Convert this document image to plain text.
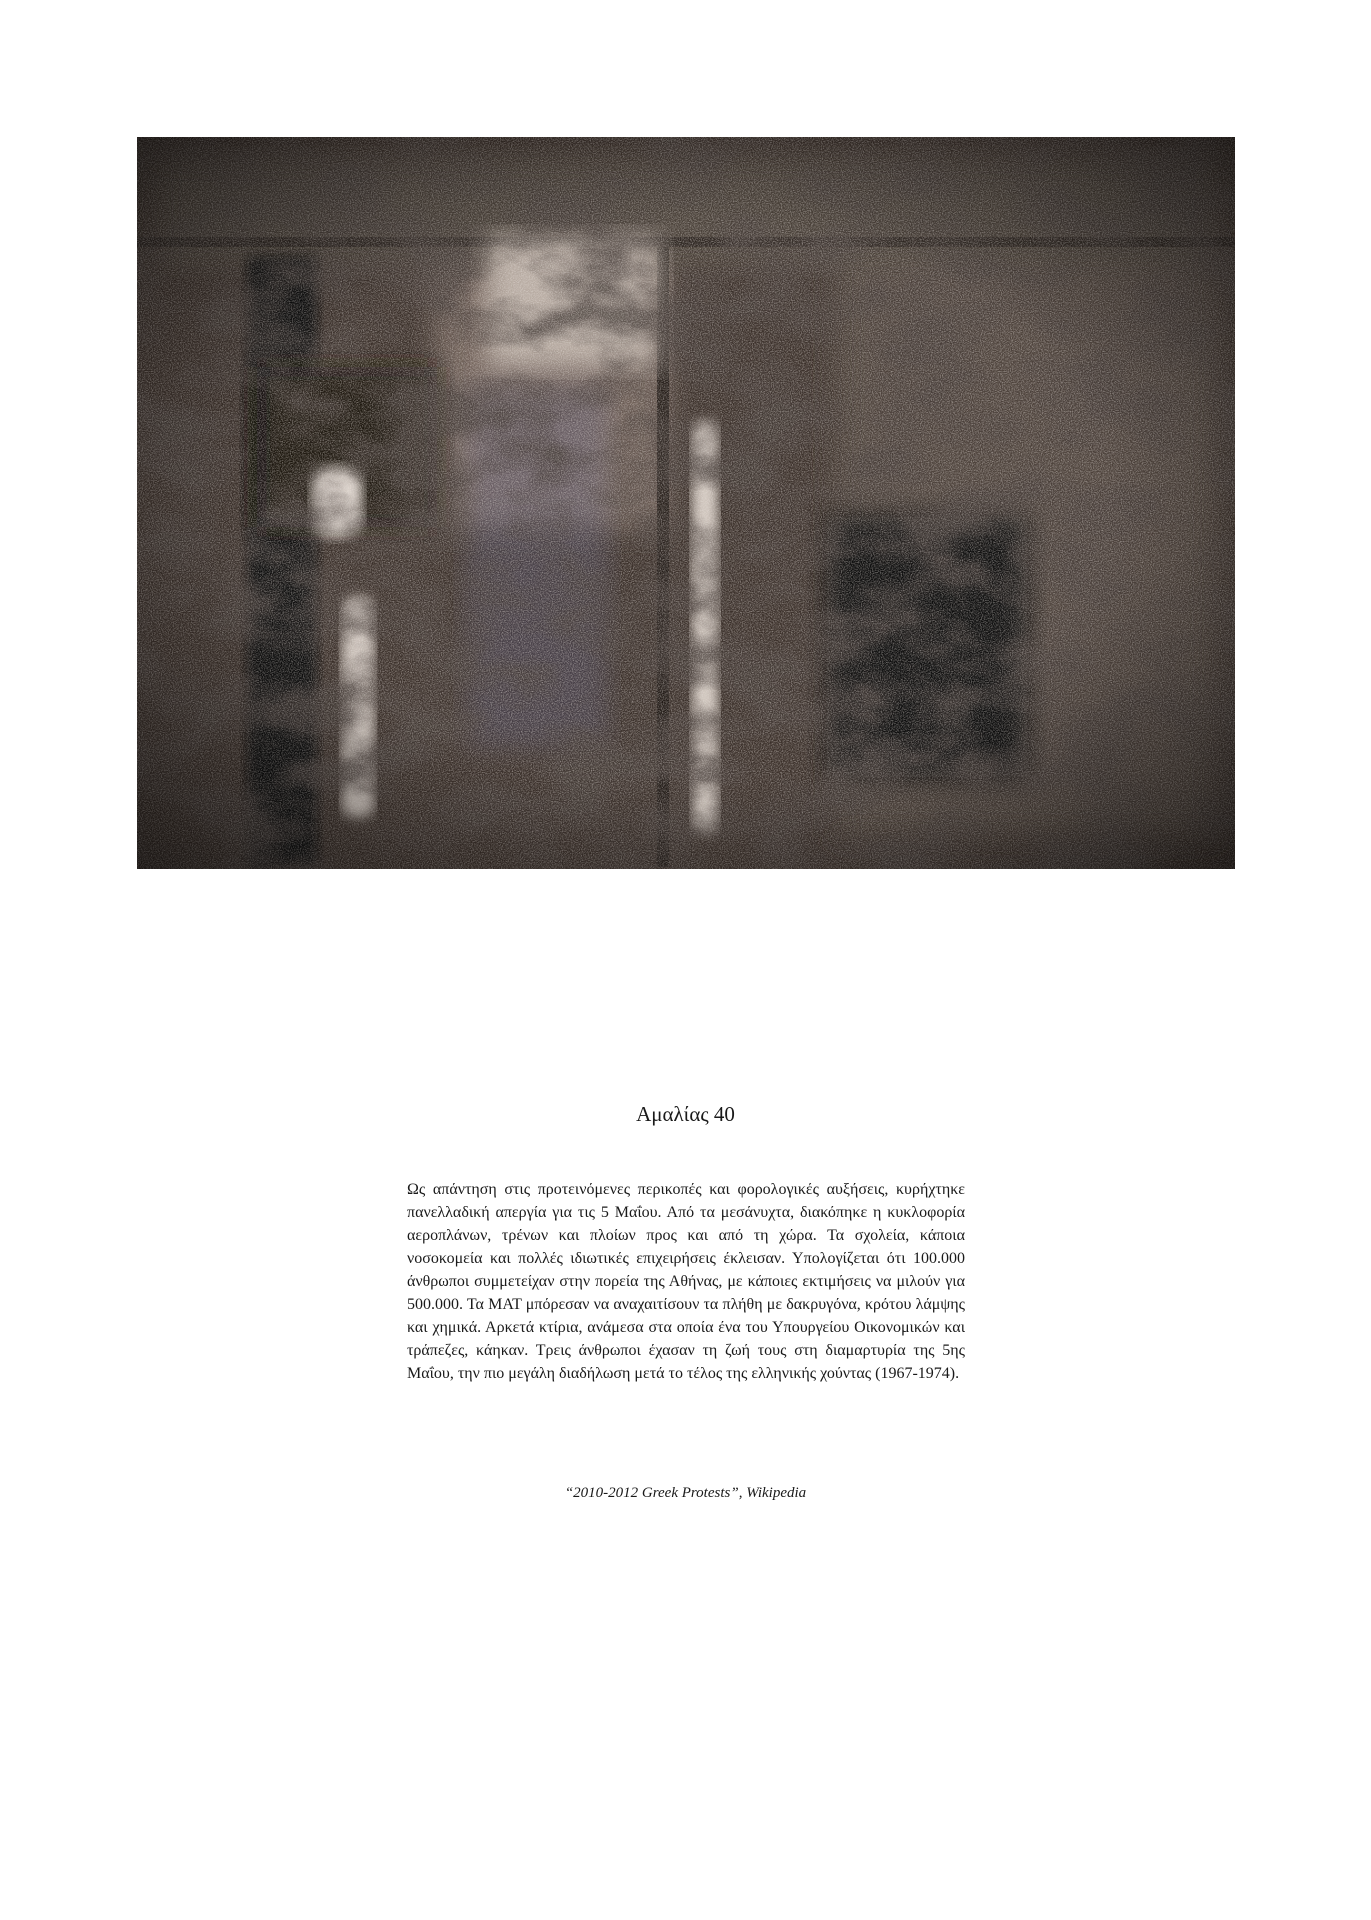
Αμαλίας 40

Ως απάντηση στις προτεινόμενες περικοπές και φορολογικές αυξήσεις, κυρήχτηκε πανελλαδική απεργία για τις 5 Μαΐου. Από τα μεσάνυχτα, διακόπηκε η κυκλοφορία αεροπλάνων, τρένων και πλοίων προς και από τη χώρα. Τα σχολεία, κάποια νοσοκομεία και πολλές ιδιωτικές επιχειρήσεις έκλεισαν. Υπολογίζεται ότι 100.000 άνθρωποι συμμετείχαν στην πορεία της Αθήνας, με κάποιες εκτιμήσεις να μιλούν για 500.000. Τα ΜΑΤ μπόρεσαν να αναχαιτίσουν τα πλήθη με δακρυγόνα, κρότου λάμψης και χημικά. Αρκετά κτίρια, ανάμεσα στα οποία ένα του Υπουργείου Οικονομικών και τράπεζες, κάηκαν. Τρεις άνθρωποι έχασαν τη ζωή τους στη διαμαρτυρία της 5ης Μαΐου, την πιο μεγάλη διαδήλωση μετά το τέλος της ελληνικής χούντας (1967-1974).

“2010-2012 Greek Protests”, Wikipedia
